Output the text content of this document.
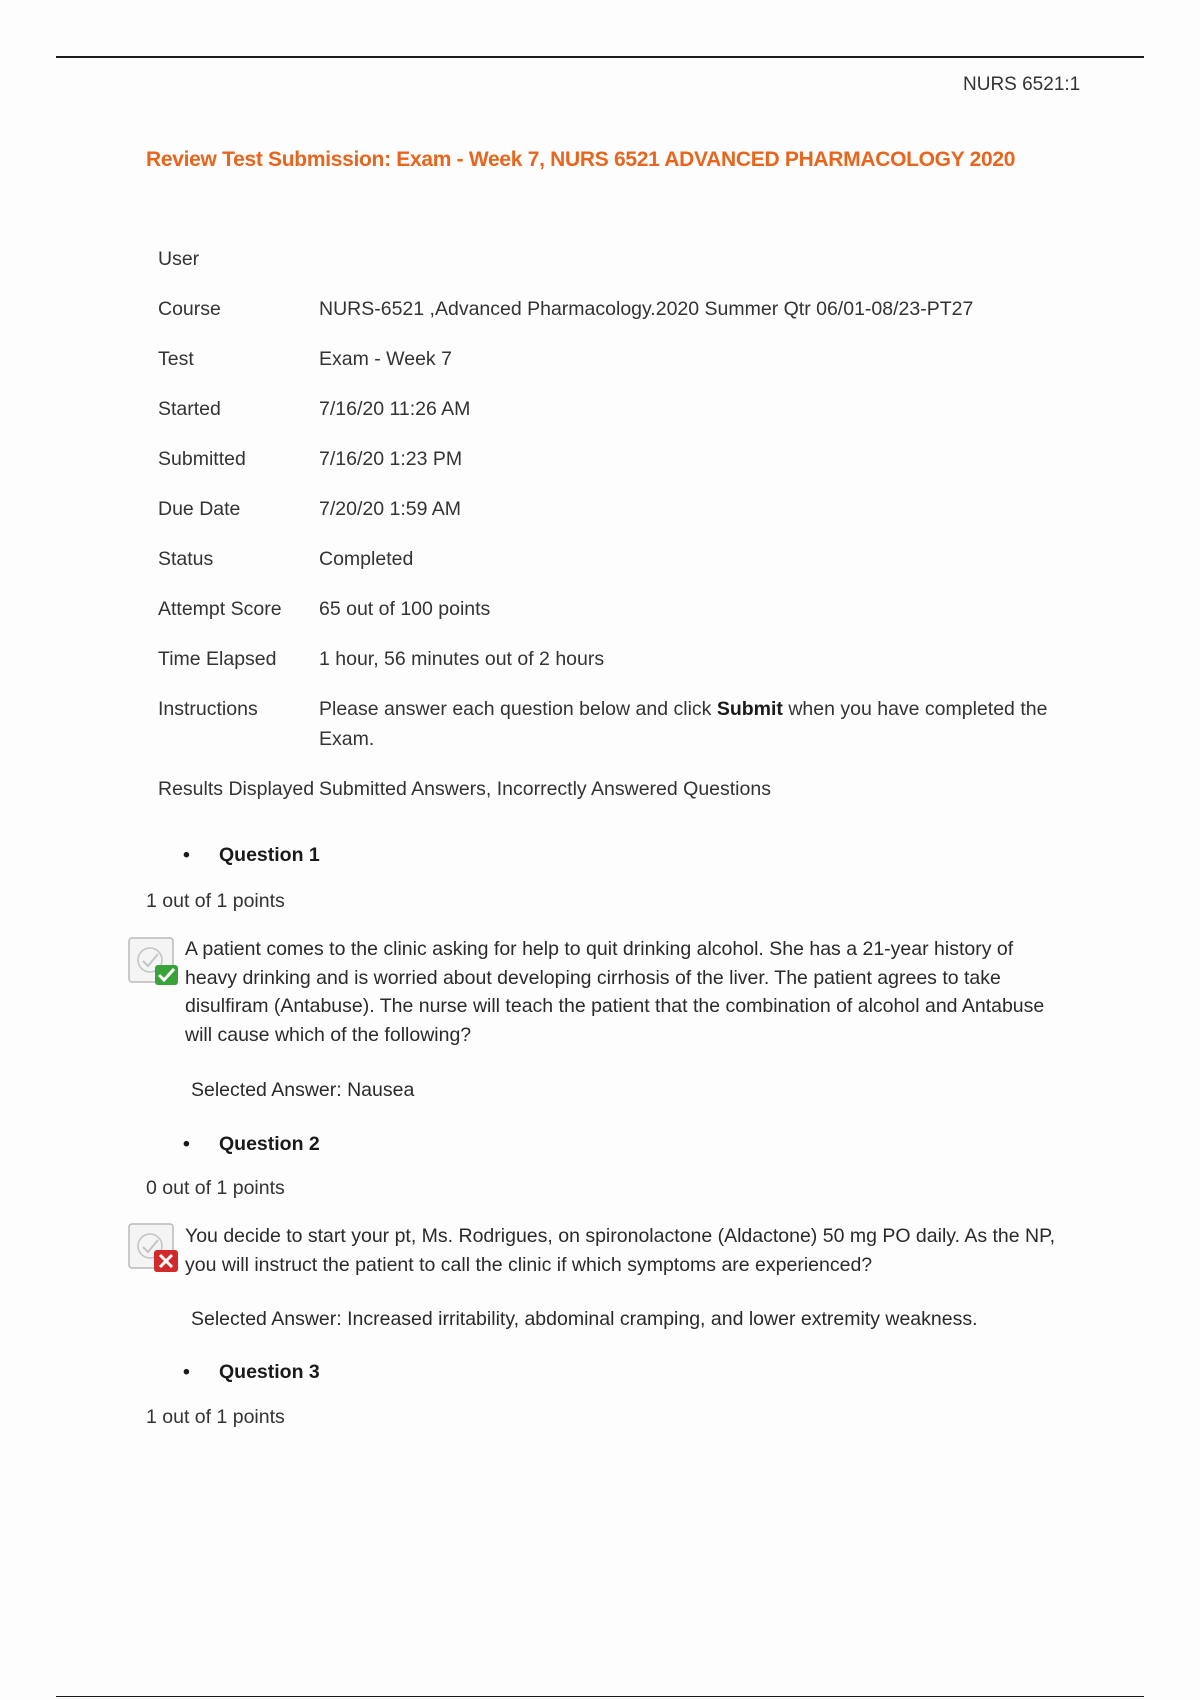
NURS 6521:1
Review Test Submission: Exam - Week 7, NURS 6521 ADVANCED PHARMACOLOGY 2020
User
Course	NURS-6521 ,Advanced Pharmacology.2020 Summer Qtr 06/01-08/23-PT27
Test	Exam - Week 7
Started	7/16/20 11:26 AM
Submitted	7/16/20 1:23 PM
Due Date	7/20/20 1:59 AM
Status	Completed
Attempt Score	65 out of 100 points
Time Elapsed	1 hour, 56 minutes out of 2 hours
Instructions	Please answer each question below and click Submit when you have completed the Exam.
Results Displayed Submitted Answers, Incorrectly Answered Questions
• Question 1
1 out of 1 points
A patient comes to the clinic asking for help to quit drinking alcohol. She has a 21-year history of heavy drinking and is worried about developing cirrhosis of the liver. The patient agrees to take disulfiram (Antabuse). The nurse will teach the patient that the combination of alcohol and Antabuse will cause which of the following?
Selected Answer: Nausea
• Question 2
0 out of 1 points
You decide to start your pt, Ms. Rodrigues, on spironolactone (Aldactone) 50 mg PO daily. As the NP, you will instruct the patient to call the clinic if which symptoms are experienced?
Selected Answer: Increased irritability, abdominal cramping, and lower extremity weakness.
• Question 3
1 out of 1 points
